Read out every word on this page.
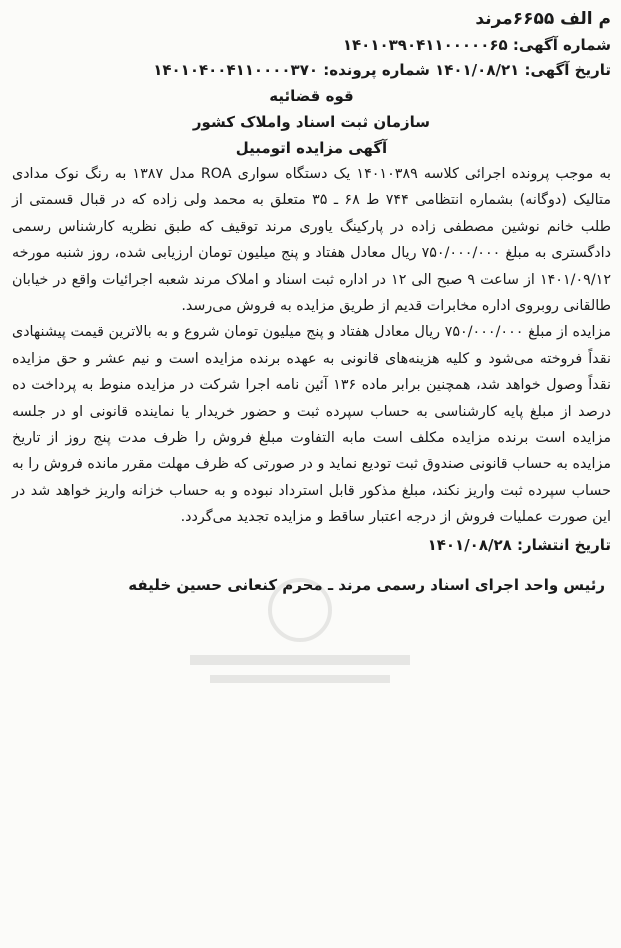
م الف ۶۶۵۵مرند

شماره آگهی: ۱۴۰۱۰۳۹۰۴۱۱۰۰۰۰۰۶۵

تاریخ آگهی: ۱۴۰۱/۰۸/۲۱ شماره پرونده: ۱۴۰۱۰۴۰۰۴۱۱۰۰۰۰۳۷۰

قوه قضائیه

سازمان ثبت اسناد واملاک کشور

آگهی مزایده اتومبیل

به موجب پرونده اجرائی کلاسه ۱۴۰۱۰۳۸۹ یک دستگاه سواری ROA مدل ۱۳۸۷ به رنگ نوک مدادی متالیک (دوگانه) بشماره انتظامی ۷۴۴ ط ۶۸ ـ ۳۵ متعلق به محمد ولی زاده که در قبال قسمتی از طلب خانم نوشین مصطفی زاده در پارکینگ یاوری مرند توقیف که طبق نظریه کارشناس رسمی دادگستری به مبلغ ۷۵۰/۰۰۰/۰۰۰ ریال معادل هفتاد و پنج میلیون تومان ارزیابی شده، روز شنبه مورخه ۱۴۰۱/۰۹/۱۲ از ساعت ۹ صبح الی ۱۲ در اداره ثبت اسناد و املاک مرند شعبه اجرائیات واقع در خیابان طالقانی روبروی اداره مخابرات قدیم از طریق مزایده به فروش می‌رسد.

مزایده از مبلغ ۷۵۰/۰۰۰/۰۰۰ ریال معادل هفتاد و پنج میلیون تومان شروع و به بالاترین قیمت پیشنهادی نقداً فروخته می‌شود و کلیه هزینه‌های قانونی به عهده برنده مزایده است و نیم عشر و حق مزایده نقداً وصول خواهد شد، همچنین برابر ماده ۱۳۶ آئین نامه اجرا شرکت در مزایده منوط به پرداخت ده درصد از مبلغ پایه کارشناسی به حساب سپرده ثبت و حضور خریدار یا نماینده قانونی او در جلسه مزایده است برنده مزایده مکلف است مابه التفاوت مبلغ فروش را ظرف مدت پنج روز از تاریخ مزایده به حساب قانونی صندوق ثبت تودیع نماید و در صورتی که ظرف مهلت مقرر مانده فروش را به حساب سپرده ثبت واریز نکند، مبلغ مذکور قابل استرداد نبوده و به حساب خزانه واریز خواهد شد در این صورت عملیات فروش از درجه اعتبار ساقط و مزایده تجدید می‌گردد.

تاریخ انتشار: ۱۴۰۱/۰۸/۲۸

رئیس واحد اجرای اسناد رسمی مرند ـ محرم کنعانی حسین خلیفه
